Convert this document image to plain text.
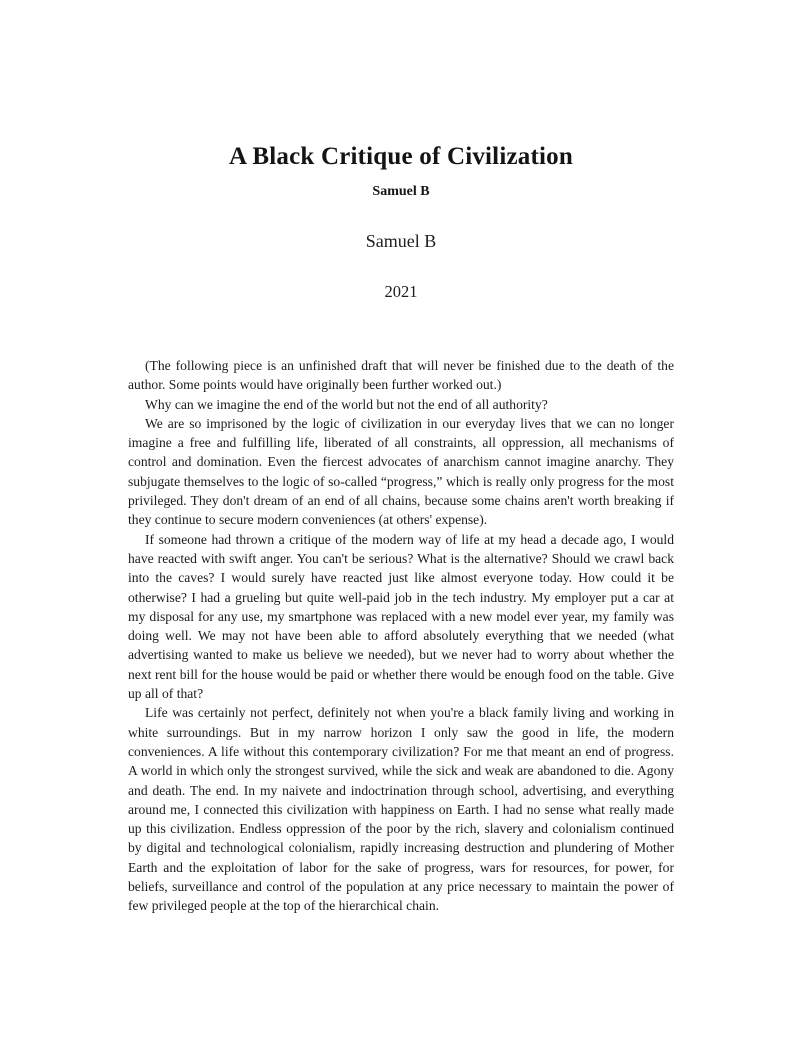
A Black Critique of Civilization
Samuel B
Samuel B
2021

(The following piece is an unfinished draft that will never be finished due to the death of the author. Some points would have originally been further worked out.)

Why can we imagine the end of the world but not the end of all authority?

We are so imprisoned by the logic of civilization in our everyday lives that we can no longer imagine a free and fulfilling life, liberated of all constraints, all oppression, all mechanisms of control and domination. Even the fiercest advocates of anarchism cannot imagine anarchy. They subjugate themselves to the logic of so-called “progress,” which is really only progress for the most privileged. They don't dream of an end of all chains, because some chains aren't worth breaking if they continue to secure modern conveniences (at others' expense).

If someone had thrown a critique of the modern way of life at my head a decade ago, I would have reacted with swift anger. You can't be serious? What is the alternative? Should we crawl back into the caves? I would surely have reacted just like almost everyone today. How could it be otherwise? I had a grueling but quite well-paid job in the tech industry. My employer put a car at my disposal for any use, my smartphone was replaced with a new model ever year, my family was doing well. We may not have been able to afford absolutely everything that we needed (what advertising wanted to make us believe we needed), but we never had to worry about whether the next rent bill for the house would be paid or whether there would be enough food on the table. Give up all of that?

Life was certainly not perfect, definitely not when you're a black family living and working in white surroundings. But in my narrow horizon I only saw the good in life, the modern conveniences. A life without this contemporary civilization? For me that meant an end of progress. A world in which only the strongest survived, while the sick and weak are abandoned to die. Agony and death. The end. In my naivete and indoctrination through school, advertising, and everything around me, I connected this civilization with happiness on Earth. I had no sense what really made up this civilization. Endless oppression of the poor by the rich, slavery and colonialism continued by digital and technological colonialism, rapidly increasing destruction and plundering of Mother Earth and the exploitation of labor for the sake of progress, wars for resources, for power, for beliefs, surveillance and control of the population at any price necessary to maintain the power of few privileged people at the top of the hierarchical chain.
